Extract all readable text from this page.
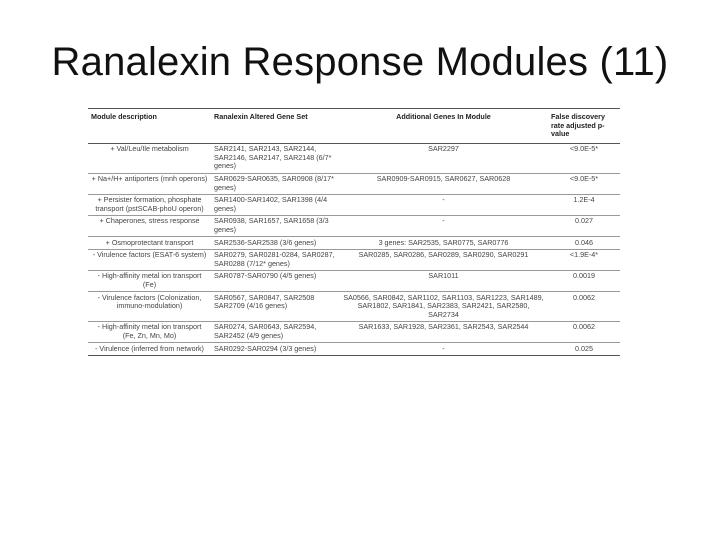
Ranalexin Response Modules (11)
Module description	Ranalexin Altered Gene Set	Additional Genes In Module	False discovery rate adjusted p-value
+ Val/Leu/Ile metabolism	SAR2141, SAR2143, SAR2144, SAR2146, SAR2147, SAR2148 (6/7* genes)	SAR2297	<9.0E-5*
+ Na+/H+ antiporters (mnh operons)	SAR0629-SAR0635, SAR0908 (8/17* genes)	SAR0909-SAR0915, SAR0627, SAR0628	<9.0E-5*
+ Persister formation, phosphate transport (pstSCAB-phoU operon)	SAR1400-SAR1402, SAR1398 (4/4 genes)	-	1.2E-4
+ Chaperones, stress response	SAR0938, SAR1657, SAR1658 (3/3 genes)	-	0.027
+ Osmoprotectant transport	SAR2536-SAR2538 (3/6 genes)	3 genes: SAR2535, SAR0775, SAR0776	0.046
- Virulence factors (ESAT-6 system)	SAR0279, SAR0281-0284, SAR0287, SAR0288 (7/12* genes)	SAR0285, SAR0286, SAR0289, SAR0290, SAR0291	<1.9E-4*
- High-affinity metal ion transport (Fe)	SAR0787-SAR0790 (4/5 genes)	SAR1011	0.0019
- Virulence factors (Colonization, immuno-modulation)	SAR0567, SAR0847, SAR2508 SAR2709 (4/16 genes)	SA0566, SAR0842, SAR1102, SAR1103, SAR1223, SAR1489, SAR1802, SAR1841, SAR2383, SAR2421, SAR2580, SAR2734	0.0062
- High-affinity metal ion transport (Fe, Zn, Mn, Mo)	SAR0274, SAR0643, SAR2594, SAR2452 (4/9 genes)	SAR1633, SAR1928, SAR2361, SAR2543, SAR2544	0.0062
- Virulence (inferred from network)	SAR0292-SAR0294 (3/3 genes)	-	0.025
